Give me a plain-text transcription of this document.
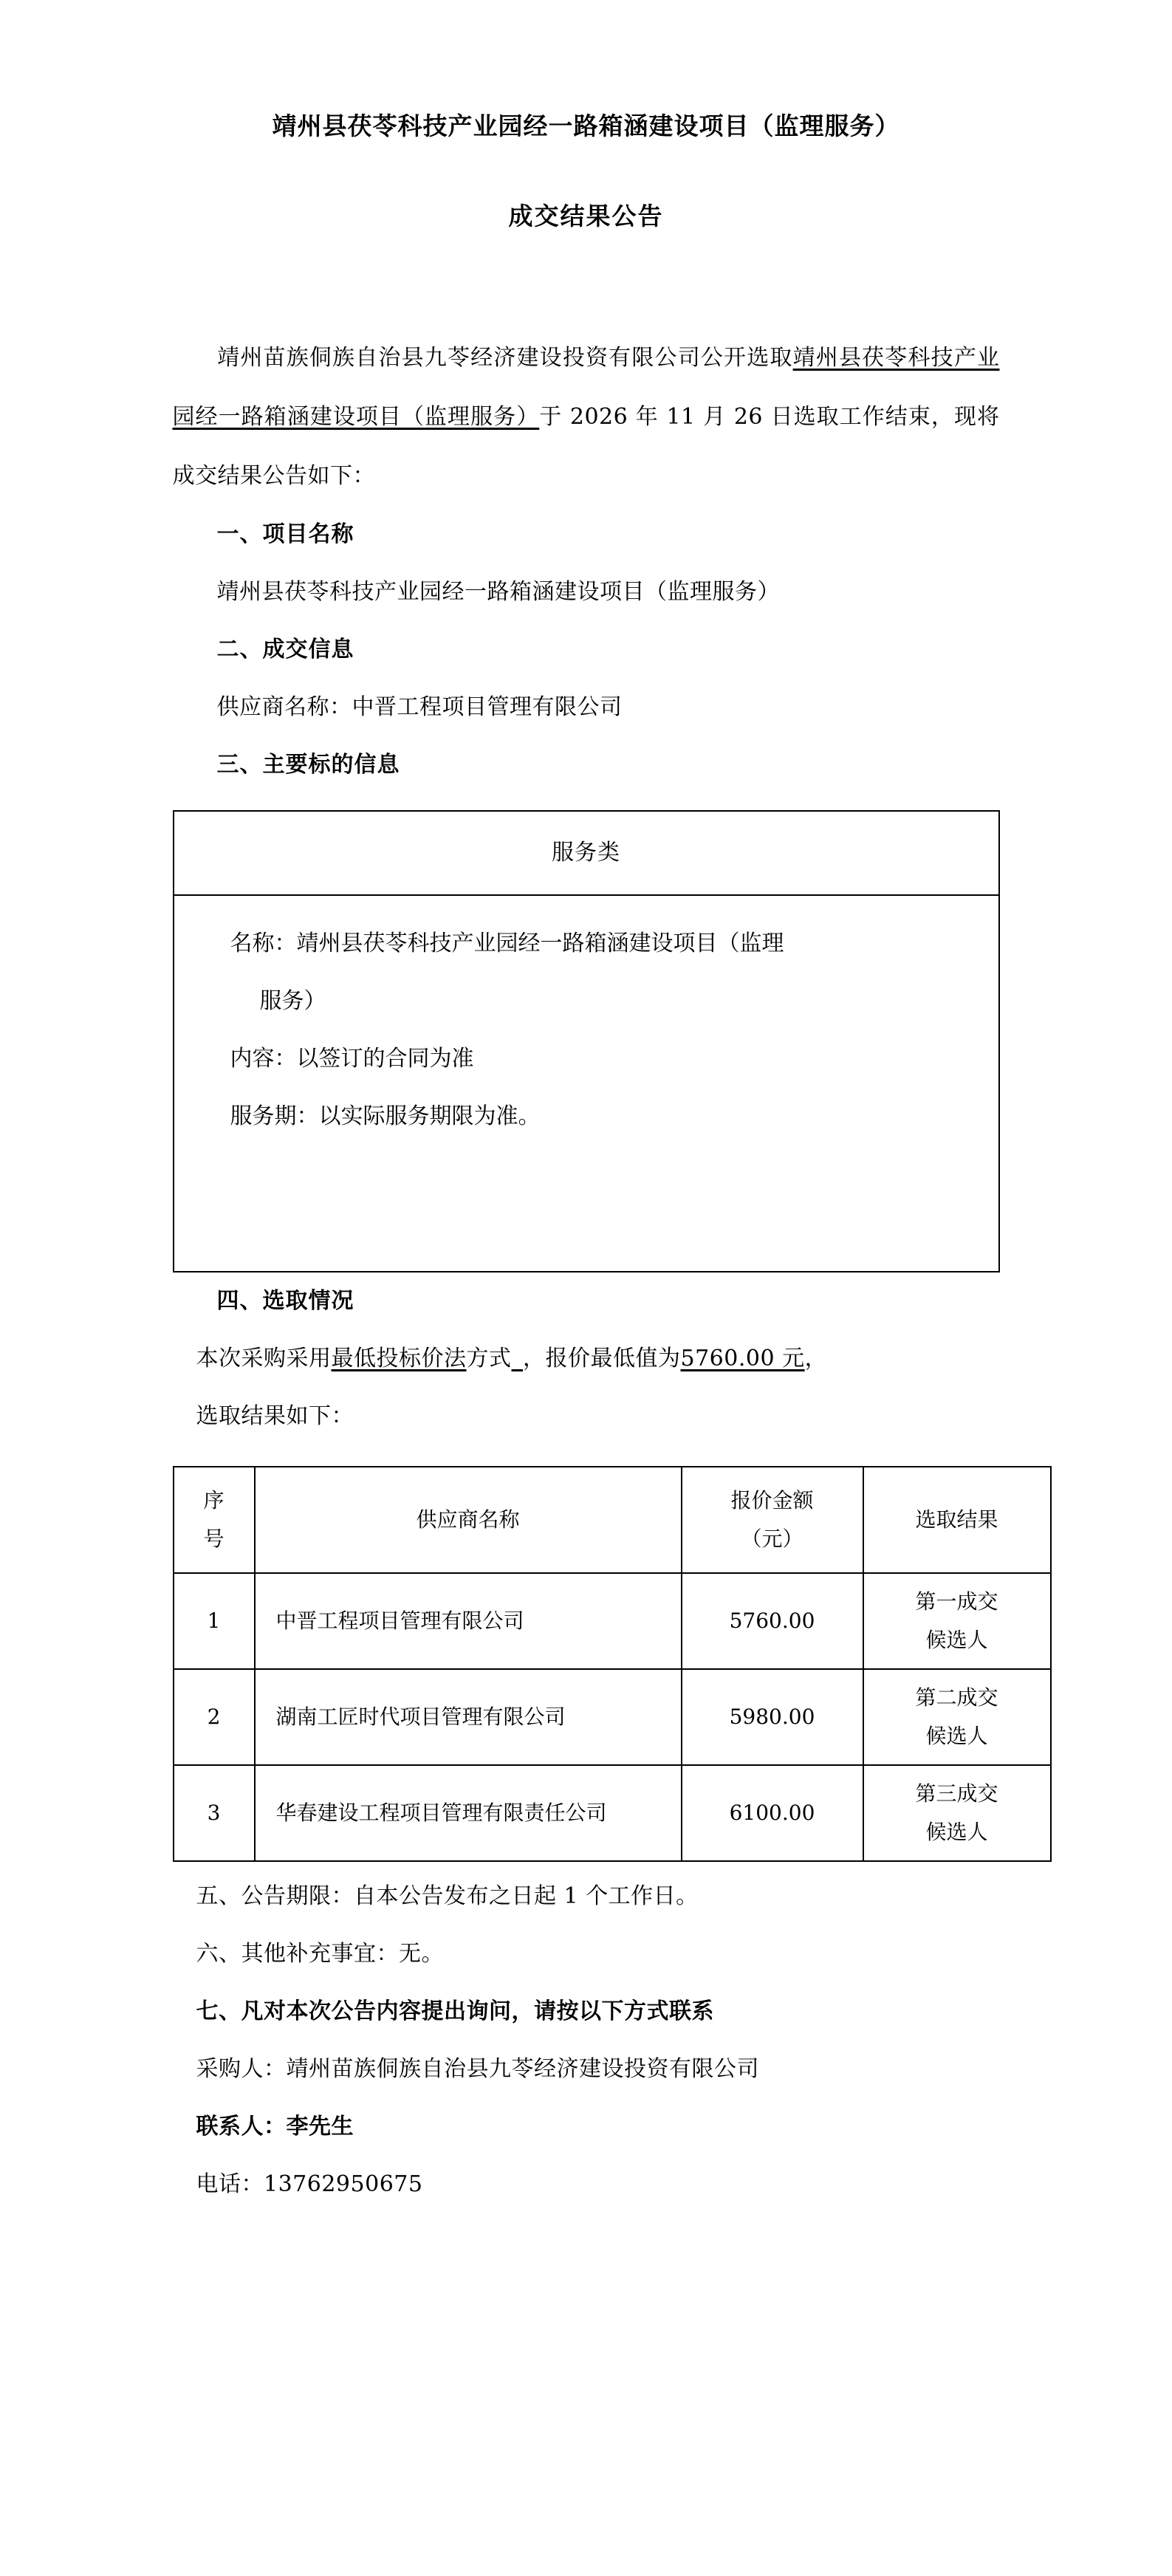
靖州县茯苓科技产业园经一路箱涵建设项目（监理服务）
成交结果公告
靖州苗族侗族自治县九苓经济建设投资有限公司公开选取靖州县茯苓科技产业园经一路箱涵建设项目（监理服务）于 2026 年 11 月 26 日选取工作结束，现将成交结果公告如下：
一、项目名称
靖州县茯苓科技产业园经一路箱涵建设项目（监理服务）
二、成交信息
供应商名称：中晋工程项目管理有限公司
三、主要标的信息
服务类

名称：靖州县茯苓科技产业园经一路箱涵建设项目（监理
服务）
内容：以签订的合同为准
服务期：以实际服务期限为准。
四、选取情况
本次采购采用最低投标价法方式_，报价最低值为5760.00 元，
选取结果如下：
序
号
	供应商名称	
报价金额
（元）
	选取结果
1	中晋工程项目管理有限公司	5760.00	第一成交
候选人

2	湖南工匠时代项目管理有限公司	5980.00	第二成交
候选人

3	华春建设工程项目管理有限责任公司	6100.00	第三成交
候选人
五、公告期限：自本公告发布之日起 1 个工作日。
六、其他补充事宜：无。
七、凡对本次公告内容提出询问，请按以下方式联系
采购人：靖州苗族侗族自治县九苓经济建设投资有限公司
联系人：李先生
电话：13762950675
